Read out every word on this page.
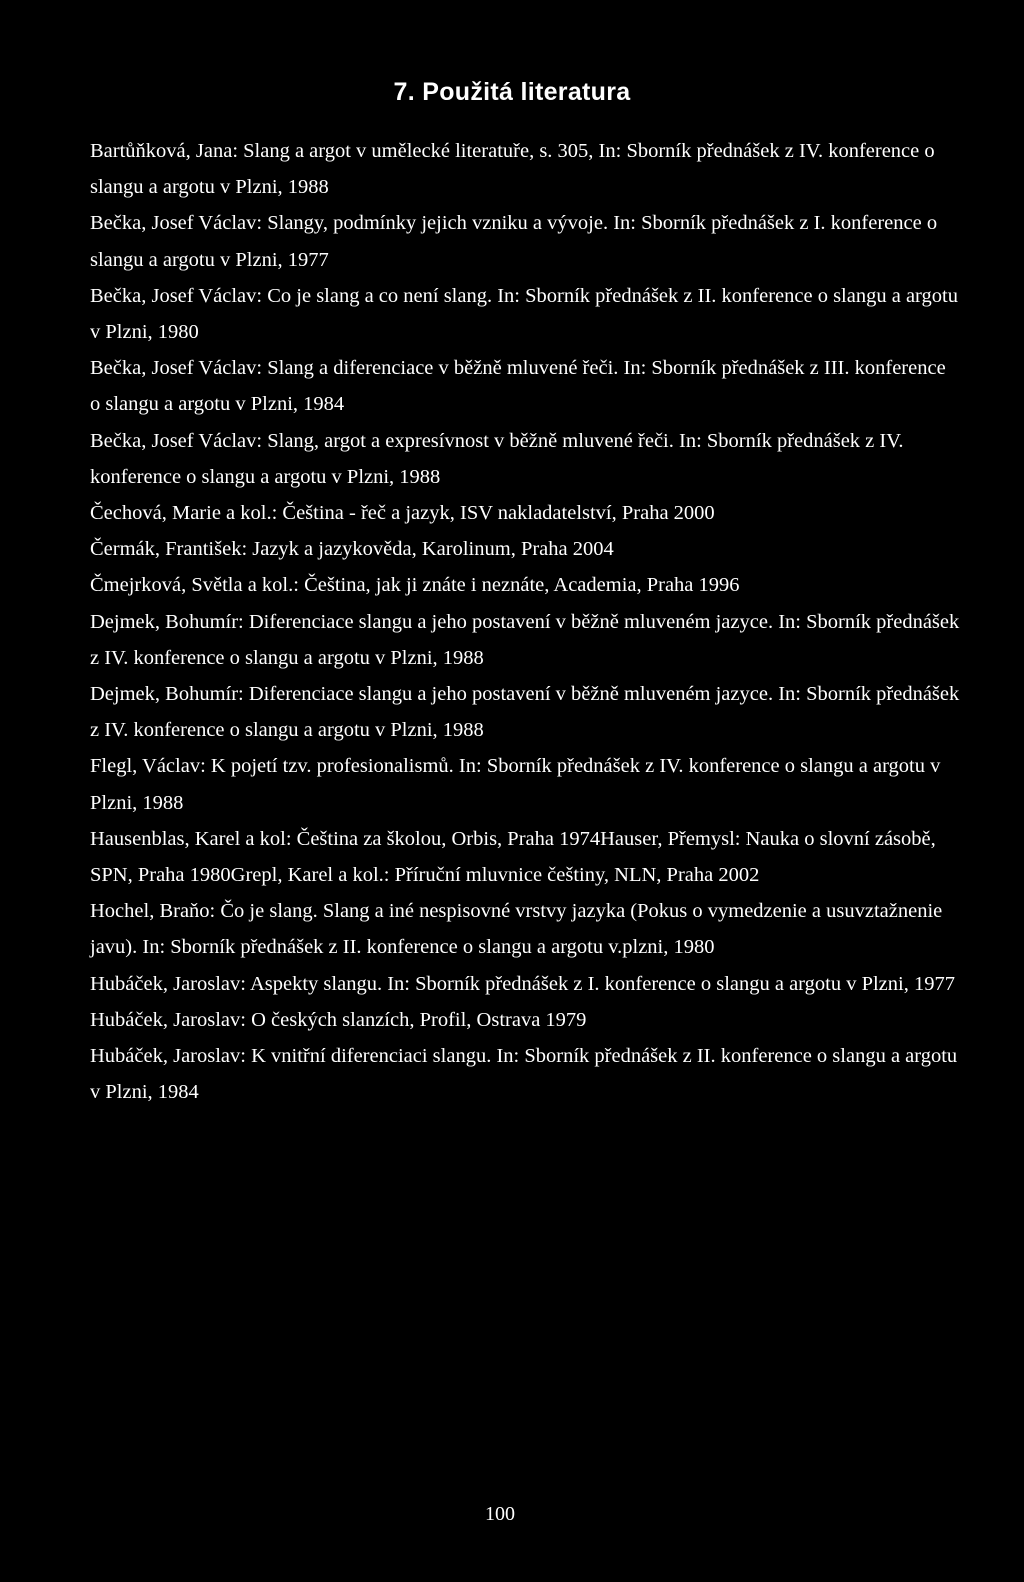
7. Použitá literatura

Bartůňková, Jana: Slang a argot v umělecké literatuře, s. 305, In: Sborník přednášek z IV. konference o slangu a argotu v Plzni, 1988

Bečka, Josef Václav: Slangy, podmínky jejich vzniku a vývoje. In: Sborník přednášek z I. konference o slangu a argotu v Plzni, 1977

Bečka, Josef Václav: Co je slang a co není slang. In: Sborník přednášek z II. konference o slangu a argotu v Plzni, 1980

Bečka, Josef Václav: Slang a diferenciace v běžně mluvené řeči. In: Sborník přednášek z III. konference o slangu a argotu v Plzni, 1984

Bečka, Josef Václav: Slang, argot a expresívnost v běžně mluvené řeči. In: Sborník přednášek z IV. konference o slangu a argotu v Plzni, 1988

Čechová, Marie a kol.: Čeština - řeč a jazyk, ISV nakladatelství, Praha 2000

Čermák, František: Jazyk a jazykověda, Karolinum, Praha 2004

Čmejrková, Světla a kol.: Čeština, jak ji znáte i neznáte, Academia, Praha 1996

Dejmek, Bohumír: Diferenciace slangu a jeho postavení v běžně mluveném jazyce. In: Sborník přednášek z IV. konference o slangu a argotu v Plzni, 1988

Dejmek, Bohumír: Diferenciace slangu a jeho postavení v běžně mluveném jazyce. In: Sborník přednášek z IV. konference o slangu a argotu v Plzni, 1988

Flegl, Václav: K pojetí tzv. profesionalismů. In: Sborník přednášek z IV. konference o slangu a argotu v Plzni, 1988

Hausenblas, Karel a kol: Čeština za školou, Orbis, Praha 1974Hauser, Přemysl: Nauka o slovní zásobě, SPN, Praha 1980Grepl, Karel a kol.: Příruční mluvnice češtiny, NLN, Praha 2002

Hochel, Braňo: Čo je slang. Slang a iné nespisovné vrstvy jazyka (Pokus o vymedzenie a usuvztažnenie javu). In: Sborník přednášek z II. konference o slangu a argotu v.plzni, 1980

Hubáček, Jaroslav: Aspekty slangu. In: Sborník přednášek z I. konference o slangu a argotu v Plzni, 1977

Hubáček, Jaroslav: O českých slanzích, Profil, Ostrava 1979

Hubáček, Jaroslav: K vnitřní diferenciaci slangu. In: Sborník přednášek z II. konference o slangu a argotu v Plzni, 1984

100
